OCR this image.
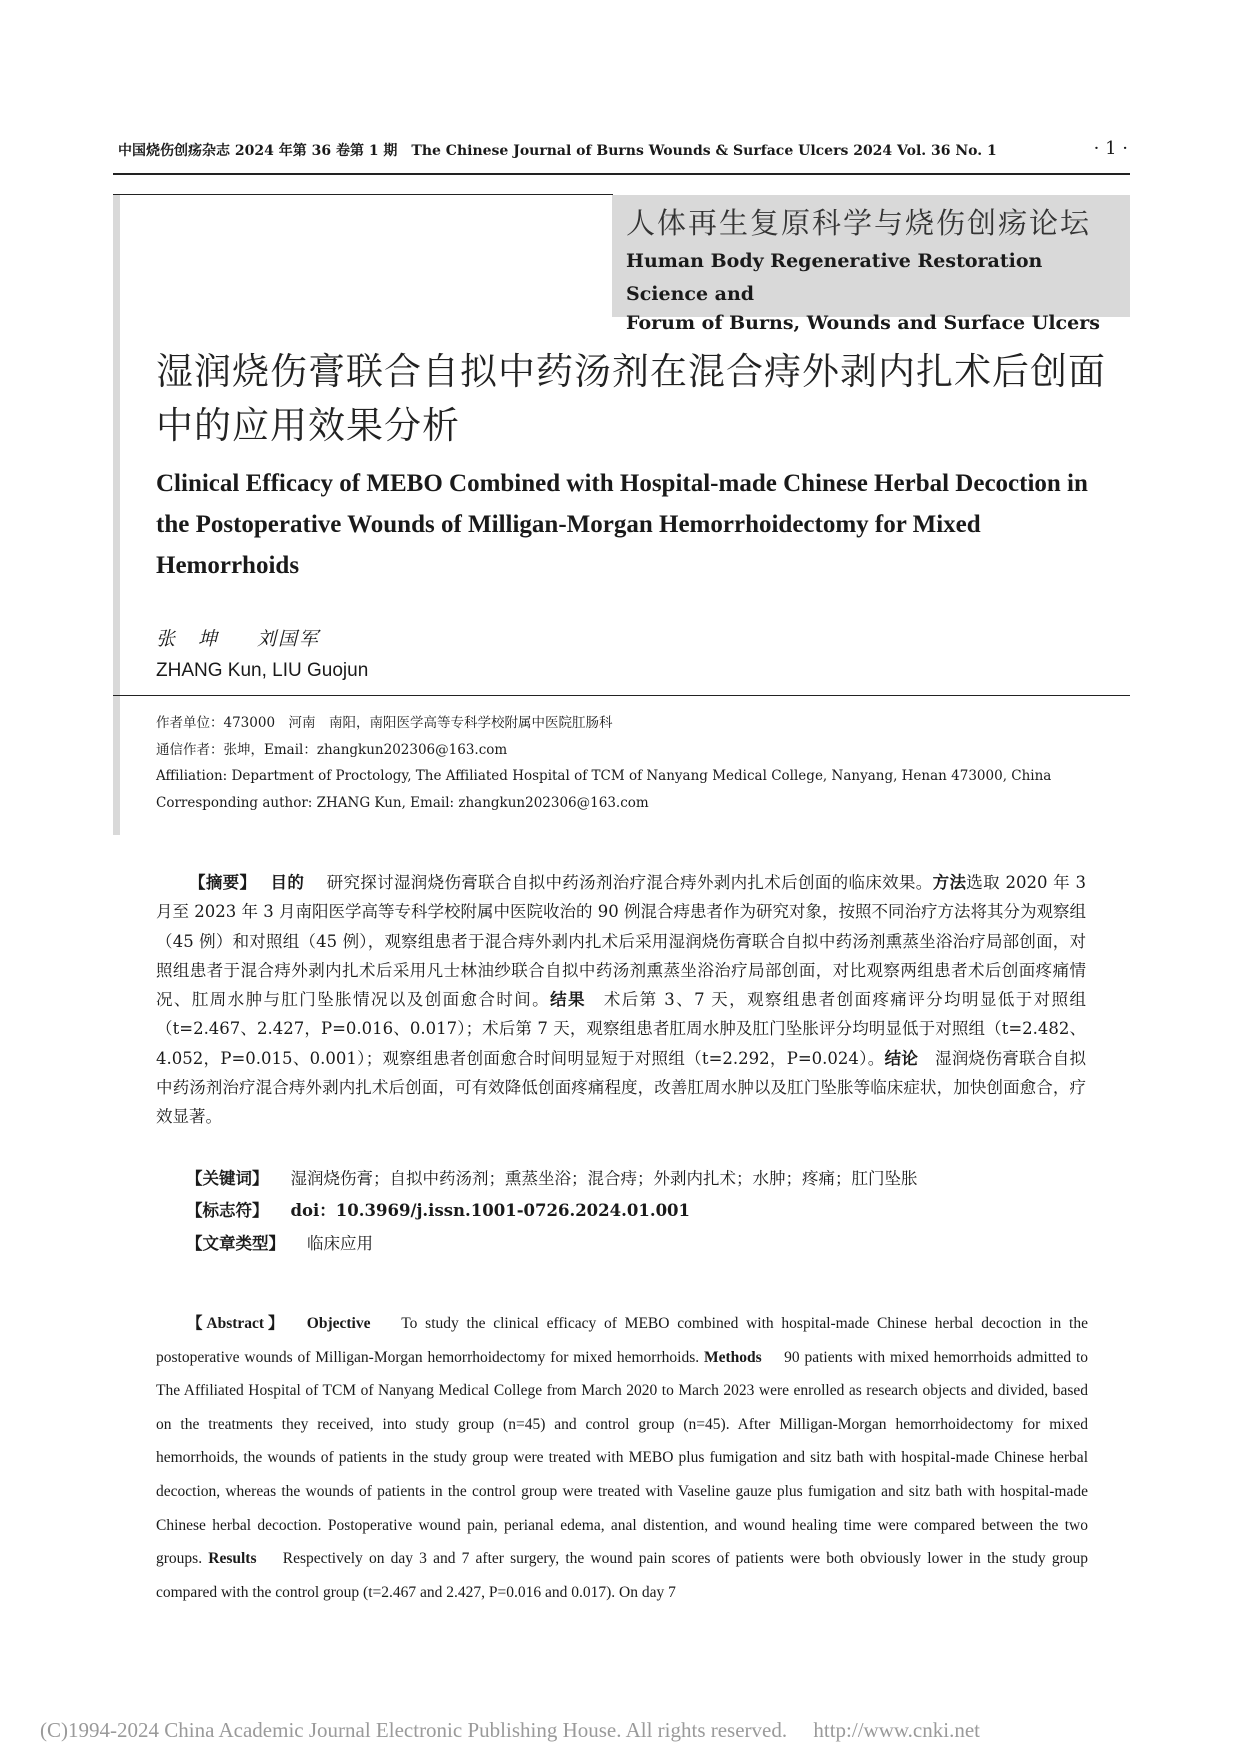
中国烧伤创疡杂志 2024 年第 36 卷第 1 期　The Chinese Journal of Burns Wounds & Surface Ulcers 2024 Vol. 36 No. 1	· 1 ·
人体再生复原科学与烧伤创疡论坛
Human Body Regenerative Restoration Science and
Forum of Burns, Wounds and Surface Ulcers
湿润烧伤膏联合自拟中药汤剂在混合痔外剥内扎术后创面中的应用效果分析
Clinical Efficacy of MEBO Combined with Hospital-made Chinese Herbal Decoction in the Postoperative Wounds of Milligan-Morgan Hemorrhoidectomy for Mixed Hemorrhoids
张　坤 刘国军
ZHANG Kun, LIU Guojun
作者单位：473000　河南　南阳，南阳医学高等专科学校附属中医院肛肠科
通信作者：张坤，Email：zhangkun202306@163.com
Affiliation: Department of Proctology, The Affiliated Hospital of TCM of Nanyang Medical College, Nanyang, Henan 473000, China
Corresponding author: ZHANG Kun, Email: zhangkun202306@163.com

【摘要】　 目的　 研究探讨湿润烧伤膏联合自拟中药汤剂治疗混合痔外剥内扎术后创面的临床效果。方法选取 2020 年 3 月至 2023 年 3 月南阳医学高等专科学校附属中医院收治的 90 例混合痔患者作为研究对象，按照不同治疗方法将其分为观察组（45 例）和对照组（45 例），观察组患者于混合痔外剥内扎术后采用湿润烧伤膏联合自拟中药汤剂熏蒸坐浴治疗局部创面，对照组患者于混合痔外剥内扎术后采用凡士林油纱联合自拟中药汤剂熏蒸坐浴治疗局部创面，对比观察两组患者术后创面疼痛情况、肛周水肿与肛门坠胀情况以及创面愈合时间。结果　 术后第 3、7 天，观察组患者创面疼痛评分均明显低于对照组（t=2.467、2.427，P=0.016、0.017）；术后第 7 天，观察组患者肛周水肿及肛门坠胀评分均明显低于对照组（t=2.482、4.052，P=0.015、0.001）；观察组患者创面愈合时间明显短于对照组（t=2.292，P=0.024）。结论　 湿润烧伤膏联合自拟中药汤剂治疗混合痔外剥内扎术后创面，可有效降低创面疼痛程度，改善肛周水肿以及肛门坠胀等临床症状，加快创面愈合，疗效显著。

【关键词】 湿润烧伤膏；自拟中药汤剂；熏蒸坐浴；混合痔；外剥内扎术；水肿；疼痛；肛门坠胀
【标志符】 doi：10.3969/j.issn.1001-0726.2024.01.001
【文章类型】 临床应用

【Abstract】　 Objective　 To study the clinical efficacy of MEBO combined with hospital-made Chinese herbal decoction in the postoperative wounds of Milligan-Morgan hemorrhoidectomy for mixed hemorrhoids. Methods　 90 patients with mixed hemorrhoids admitted to The Affiliated Hospital of TCM of Nanyang Medical College from March 2020 to March 2023 were enrolled as research objects and divided, based on the treatments they received, into study group (n=45) and control group (n=45). After Milligan-Morgan hemorrhoidectomy for mixed hemorrhoids, the wounds of patients in the study group were treated with MEBO plus fumigation and sitz bath with hospital-made Chinese herbal decoction, whereas the wounds of patients in the control group were treated with Vaseline gauze plus fumigation and sitz bath with hospital-made Chinese herbal decoction. Postoperative wound pain, perianal edema, anal distention, and wound healing time were compared between the two groups. Results　 Respectively on day 3 and 7 after surgery, the wound pain scores of patients were both obviously lower in the study group compared with the control group (t=2.467 and 2.427, P=0.016 and 0.017). On day 7

(C)1994-2024 China Academic Journal Electronic Publishing House. All rights reserved.　 http://www.cnki.net
